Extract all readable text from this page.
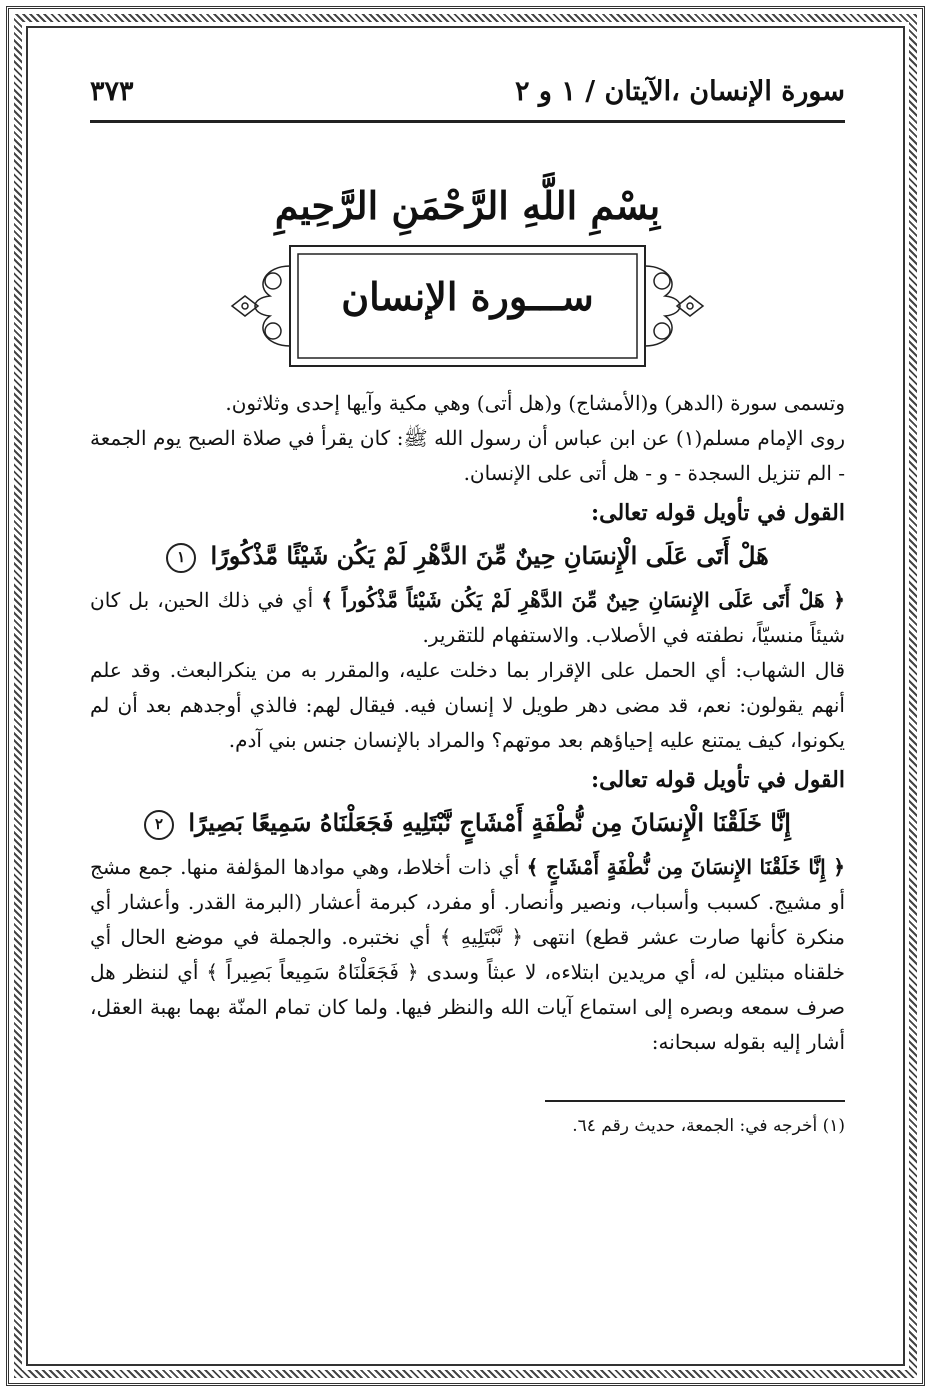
سورة الإنسان ،الآيتان / ١ و ٢
٣٧٣
بِسْمِ اللَّهِ الرَّحْمَنِ الرَّحِيمِ
ســـورة الإنسان

وتسمى سورة (الدهر) و(الأمشاج) و(هل أتى) وهي مكية وآيها إحدى وثلاثون.

روى الإمام مسلم(١) عن ابن عباس أن رسول الله ﷺ: كان يقرأ في صلاة الصبح يوم الجمعة - الم تنزيل السجدة - و - هل أتى على الإنسان.

القول في تأويل قوله تعالى:
هَلْ أَتَى عَلَى الْإِنسَانِ حِينٌ مِّنَ الدَّهْرِ لَمْ يَكُن شَيْئًا مَّذْكُورًا ١

﴿ هَلْ أَتَى عَلَى الإِنسَانِ حِينٌ مِّنَ الدَّهْرِ لَمْ يَكُن شَيْئاً مَّذْكُوراً ﴾ أي في ذلك الحين، بل كان شيئاً منسيّاً، نطفته في الأصلاب. والاستفهام للتقرير.

قال الشهاب: أي الحمل على الإقرار بما دخلت عليه، والمقرر به من ينكرالبعث. وقد علم أنهم يقولون: نعم، قد مضى دهر طويل لا إنسان فيه. فيقال لهم: فالذي أوجدهم بعد أن لم يكونوا، كيف يمتنع عليه إحياؤهم بعد موتهم؟ والمراد بالإنسان جنس بني آدم.

القول في تأويل قوله تعالى:
إِنَّا خَلَقْنَا الْإِنسَانَ مِن نُّطْفَةٍ أَمْشَاجٍ نَّبْتَلِيهِ فَجَعَلْنَاهُ سَمِيعًا بَصِيرًا ٢

﴿ إِنَّا خَلَقْنَا الإِنسَانَ مِن نُّطْفَةٍ أَمْشَاجٍ ﴾ أي ذات أخلاط، وهي موادها المؤلفة منها. جمع مشج أو مشيج. كسبب وأسباب، ونصير وأنصار. أو مفرد، كبرمة أعشار (البرمة القدر. وأعشار أي منكرة كأنها صارت عشر قطع) انتهى ﴿ نَّبْتَلِيهِ ﴾ أي نختبره. والجملة في موضع الحال أي خلقناه مبتلين له، أي مريدين ابتلاءه، لا عبثاً وسدى ﴿ فَجَعَلْنَاهُ سَمِيعاً بَصِيراً ﴾ أي لننظر هل صرف سمعه وبصره إلى استماع آيات الله والنظر فيها. ولما كان تمام المنّة بهما بهبة العقل، أشار إليه بقوله سبحانه:

(١) أخرجه في: الجمعة، حديث رقم ٦٤.
